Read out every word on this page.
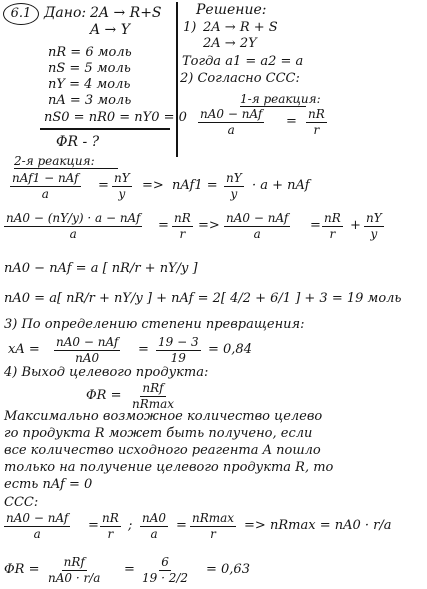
6.1 Дано: 2A → R+S
A → Y
nR = 6 моль
nS = 5 моль
nY = 4 моль
nA = 3 моль
nS0 = nR0 = nY0 = 0
ΦR - ?
Решение:
1) 2A → R + S
2A → 2Y
Тогда a1 = a2 = a
2) Согласно ССС:
1-я реакция:
nA0 − nAf
a
= $\frac{nR}{r}$
2-я реакция:
nAf1 − nAf
a
= $\frac{nY}{y} => nAf1 = \frac{nY}{y} \cdot a$ + nAf
nA0 − (nY/y) · a − nAf
a
= $\frac{nR}{r} => nA0$ − nAf
a
= $\frac{nR}{r} + \frac{nY}{y}$
nA0 − nAf = a [ nR/r + nY/y ]
nA0 = a[ nR/r + nY/y ] + nAf = 2[ 4/2 + 6/1 ] + 3 = 19 моль
3) По определению степени превращения:
xA = nA0 − nAf
nA0
= $\frac{19 - 3}{19} = 0,84$
4) Выход целевого продукта:
ΦR = nRf
nRmax
Максимально возможное количество целево
го продукта R может быть получено, если
все количество исходного реагента A пошло
только на получение целевого продукта R, то
есть nAf = 0
ССС:
nA0 − nAf
a
= $\frac{nR}{r}$ ; $\frac{nA0}{a} = nRmax$
r
=> nRmax = nA0 · r/a
ΦR = nRf
nA0 · r/a
= $\frac{6}{19 \cdot 2/2} = 0,63$
